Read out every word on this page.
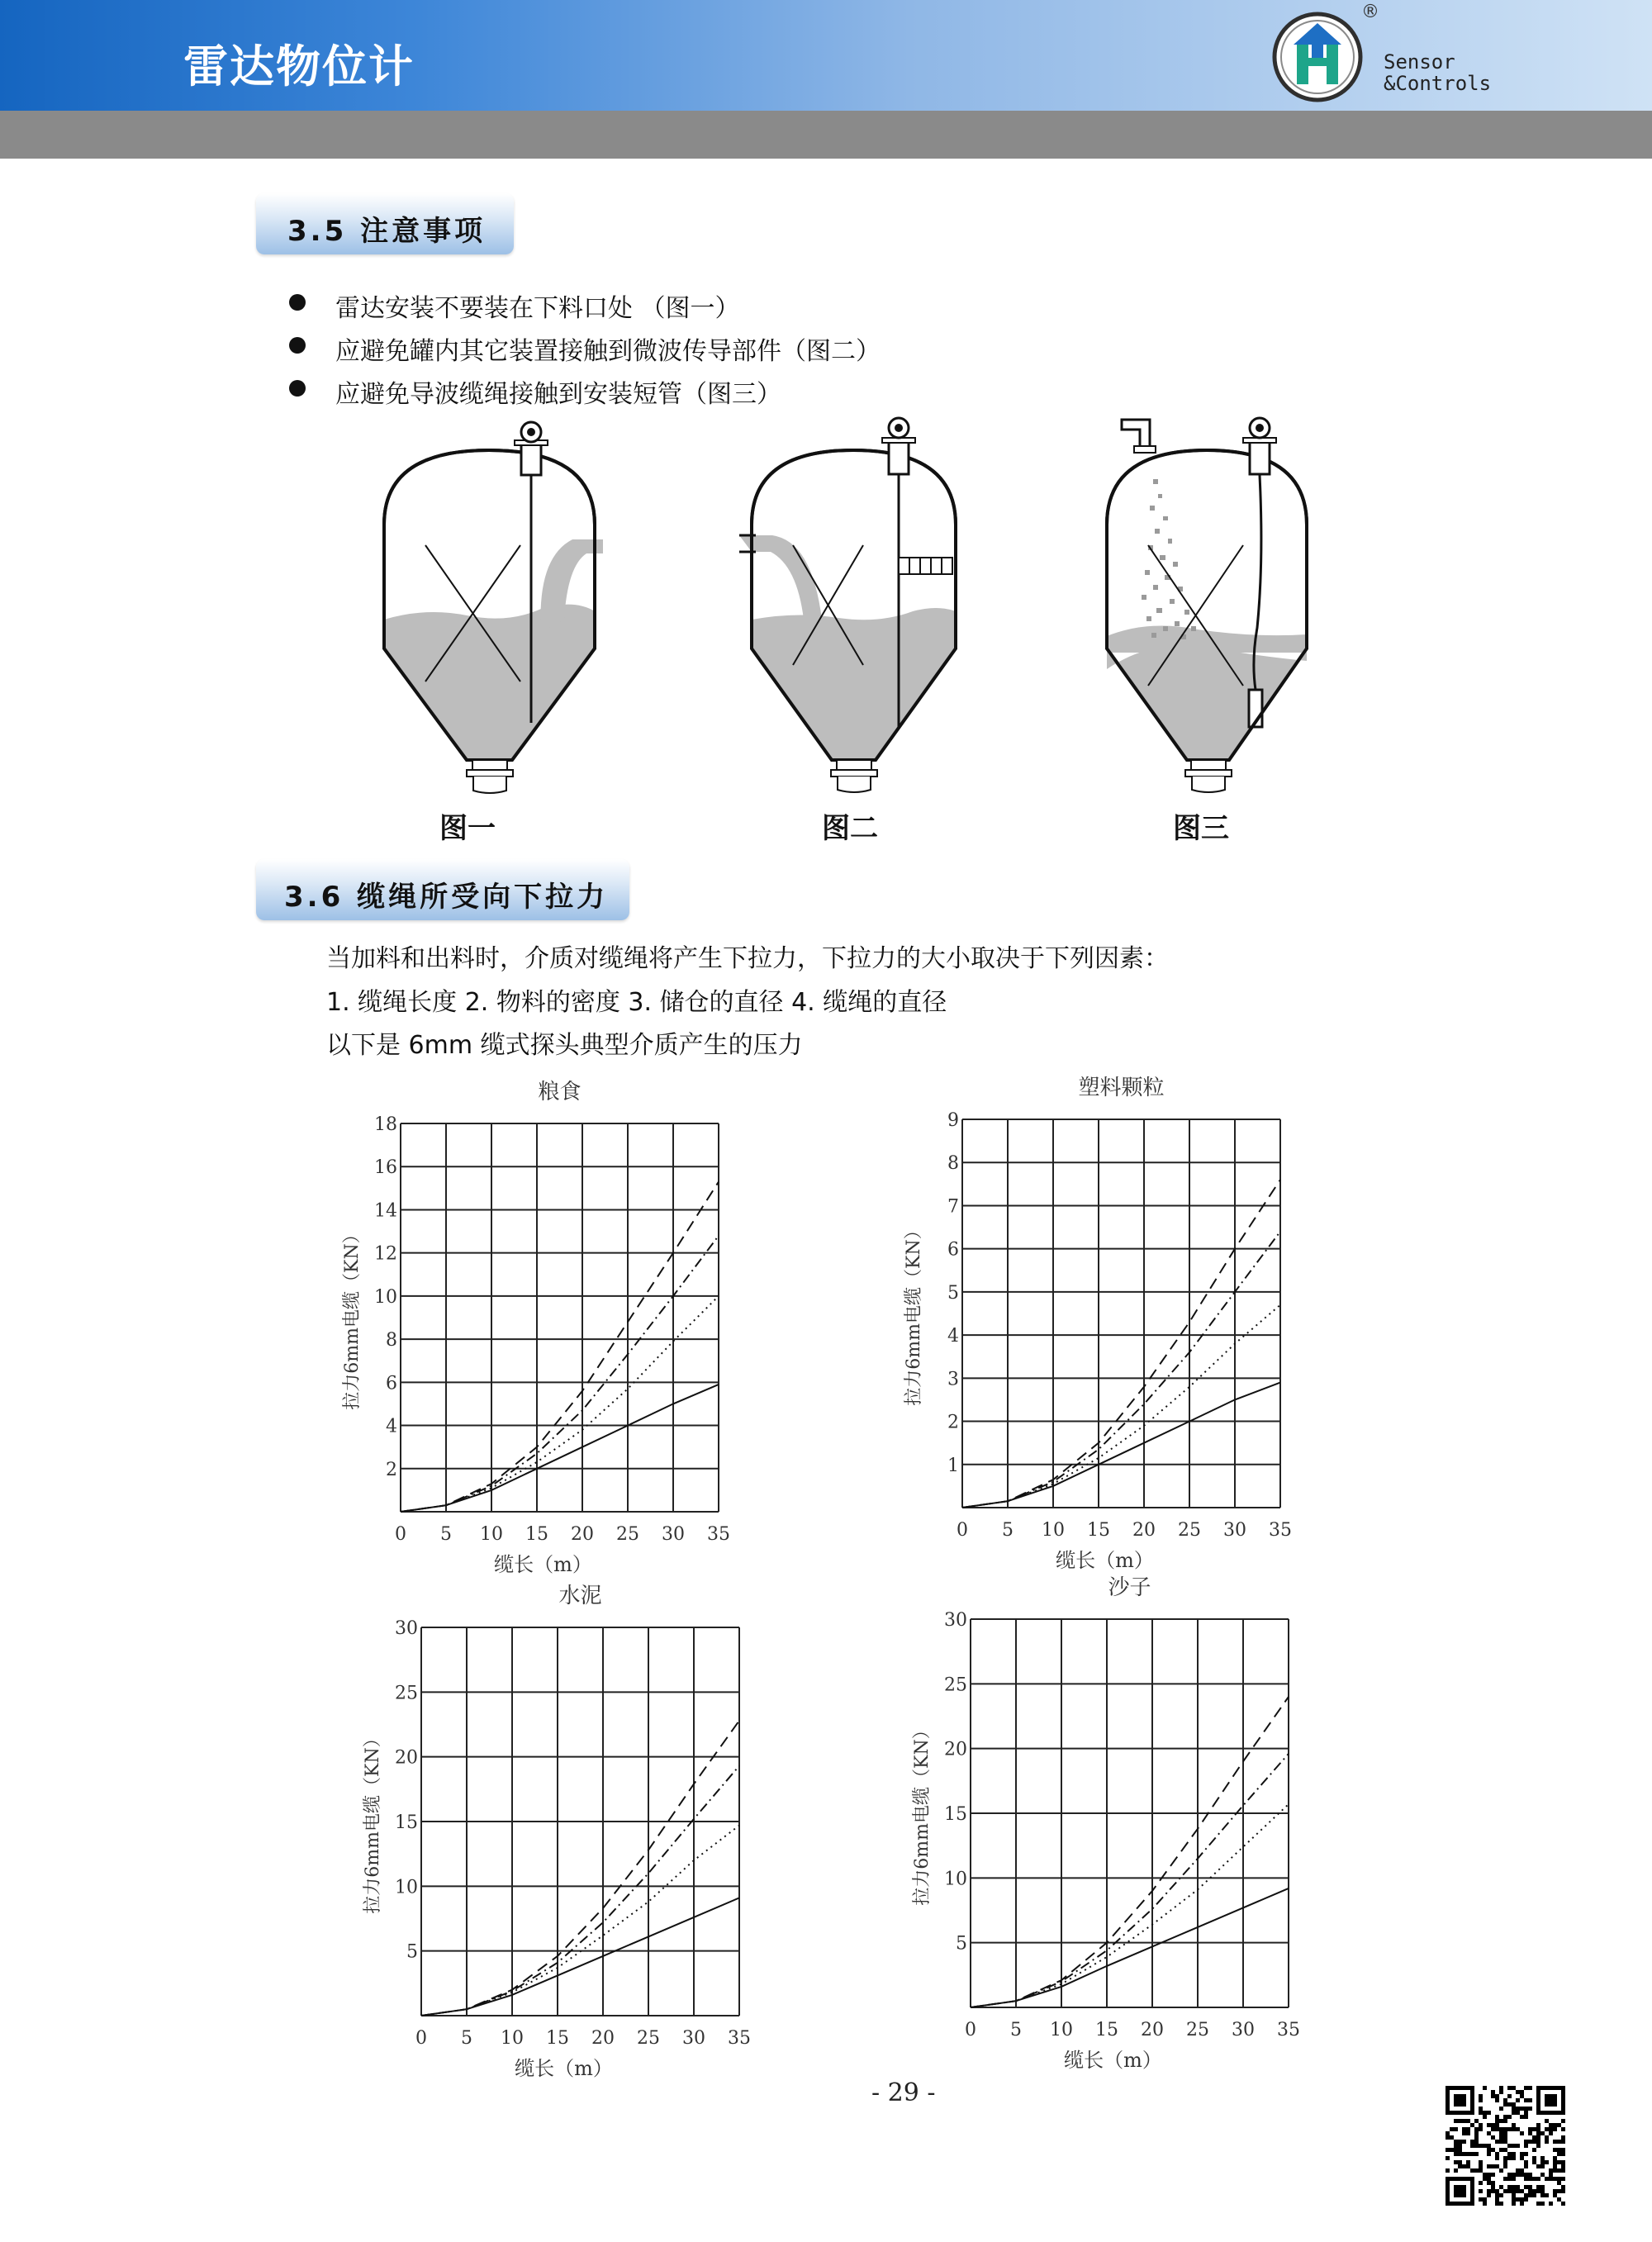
雷达物位计
®
Sensor
&Controls
3.5 注意事项
雷达安装不要装在下料口处 （图一）
应避免罐内其它装置接触到微波传导部件（图二）
应避免导波缆绳接触到安装短管（图三）
图一	图二	图三
3.6 缆绳所受向下拉力
当加料和出料时，介质对缆绳将产生下拉力，下拉力的大小取决于下列因素：
1. 缆绳长度 2. 物料的密度 3. 储仓的直径 4. 缆绳的直径
以下是 6mm 缆式探头典型介质产生的压力
粮食
0 5 10 15 20 25 30 35
2
4
6
8
10
12
14
16
18
缆长（m）
拉力6mm电缆（KN）
塑料颗粒
0 5 10 15 20 25 30 35
1
2
3
4
5
6
7
8
9
缆长（m）
拉力6mm电缆（KN）
水泥
0 5 10 15 20 25 30 35
5
10
15
20
25
30
缆长（m）
拉力6mm电缆（KN）
沙子
0 5 10 15 20 25 30 35
5
10
15
20
25
30
缆长（m）
拉力6mm电缆（KN）
- 29 -
